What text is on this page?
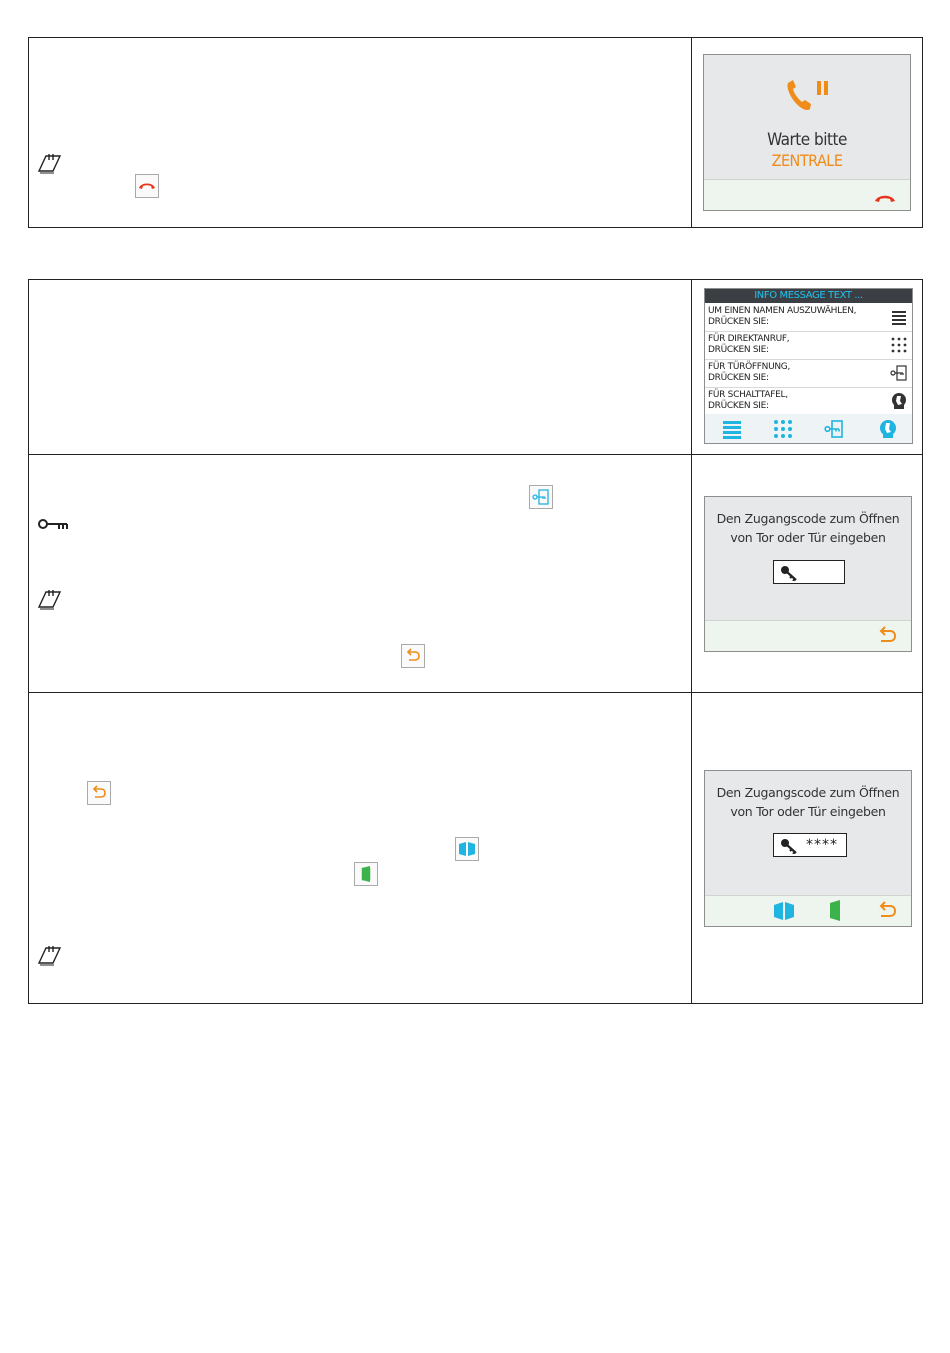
Warte bitte
ZENTRALE
INFO MESSAGE TEXT ...
UM EINEN NAMEN AUSZUWÄHLEN,
DRÜCKEN SIE:
FÜR DIREKTANRUF,
DRÜCKEN SIE:
FÜR TÜRÖFFNUNG,
DRÜCKEN SIE:
FÜR SCHALTTAFEL,
DRÜCKEN SIE:
Den Zugangscode zum Öffnen
von Tor oder Tür eingeben
Den Zugangscode zum Öffnen
von Tor oder Tür eingeben
****
